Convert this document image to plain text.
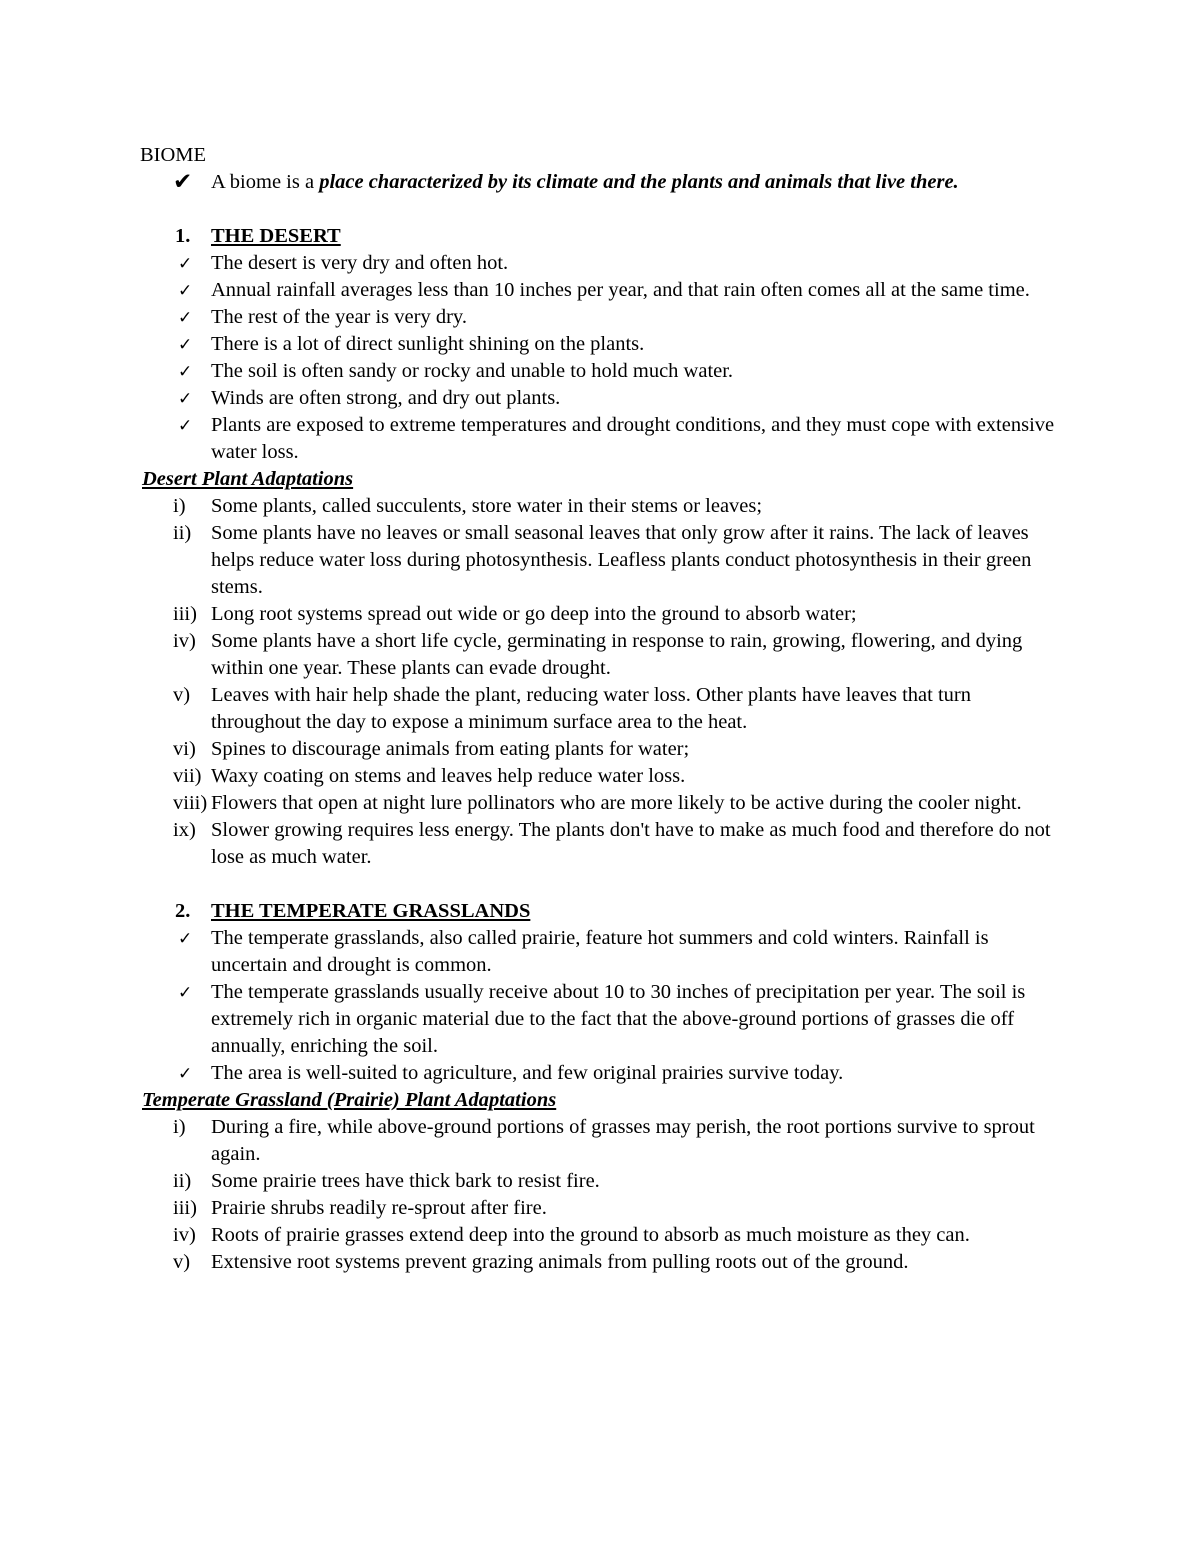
BIOME
✔ A biome is a place characterized by its climate and the plants and animals that live there.
1. THE DESERT
✓ The desert is very dry and often hot.
✓ Annual rainfall averages less than 10 inches per year, and that rain often comes all at the same time.
✓ The rest of the year is very dry.
✓ There is a lot of direct sunlight shining on the plants.
✓ The soil is often sandy or rocky and unable to hold much water.
✓ Winds are often strong, and dry out plants.
✓ Plants are exposed to extreme temperatures and drought conditions, and they must cope with extensive water loss.
Desert Plant Adaptations
i) Some plants, called succulents, store water in their stems or leaves;
ii) Some plants have no leaves or small seasonal leaves that only grow after it rains. The lack of leaves helps reduce water loss during photosynthesis. Leafless plants conduct photosynthesis in their green stems.
iii) Long root systems spread out wide or go deep into the ground to absorb water;
iv) Some plants have a short life cycle, germinating in response to rain, growing, flowering, and dying within one year. These plants can evade drought.
v) Leaves with hair help shade the plant, reducing water loss. Other plants have leaves that turn throughout the day to expose a minimum surface area to the heat.
vi) Spines to discourage animals from eating plants for water;
vii) Waxy coating on stems and leaves help reduce water loss.
viii) Flowers that open at night lure pollinators who are more likely to be active during the cooler night.
ix) Slower growing requires less energy. The plants don't have to make as much food and therefore do not lose as much water.
2. THE TEMPERATE GRASSLANDS
✓ The temperate grasslands, also called prairie, feature hot summers and cold winters. Rainfall is uncertain and drought is common.
✓ The temperate grasslands usually receive about 10 to 30 inches of precipitation per year. The soil is extremely rich in organic material due to the fact that the above-ground portions of grasses die off annually, enriching the soil.
✓ The area is well-suited to agriculture, and few original prairies survive today.
Temperate Grassland (Prairie) Plant Adaptations
i) During a fire, while above-ground portions of grasses may perish, the root portions survive to sprout again.
ii) Some prairie trees have thick bark to resist fire.
iii) Prairie shrubs readily re-sprout after fire.
iv) Roots of prairie grasses extend deep into the ground to absorb as much moisture as they can.
v) Extensive root systems prevent grazing animals from pulling roots out of the ground.
